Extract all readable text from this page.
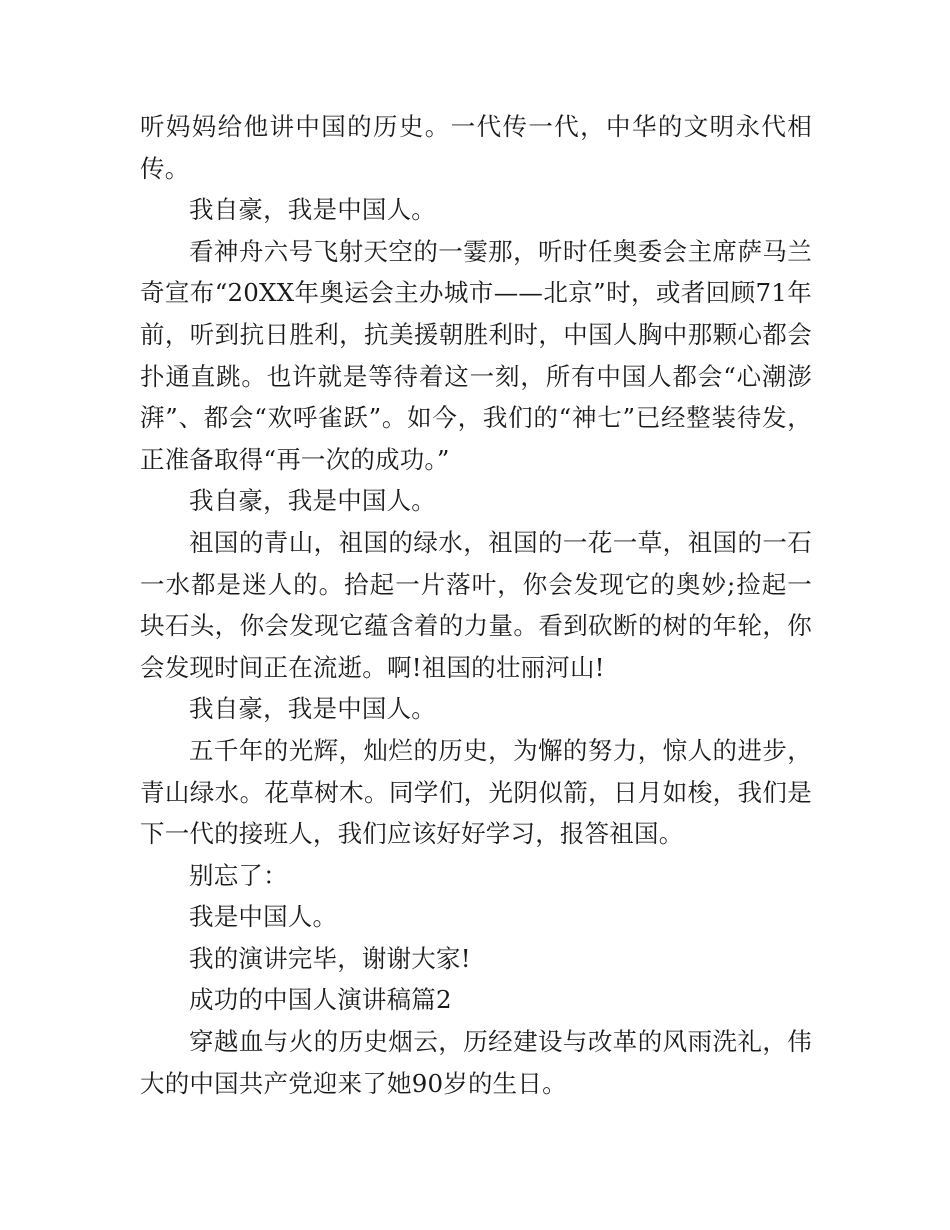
听妈妈给他讲中国的历史。一代传一代，中华的文明永代相传。

我自豪，我是中国人。

看神舟六号飞射天空的一霎那，听时任奥委会主席萨马兰奇宣布“20XX年奥运会主办城市——北京”时，或者回顾71年前，听到抗日胜利，抗美援朝胜利时，中国人胸中那颗心都会扑通直跳。也许就是等待着这一刻，所有中国人都会“心潮澎湃”、都会“欢呼雀跃”。如今，我们的“神七”已经整装待发，正准备取得“再一次的成功。”

我自豪，我是中国人。

祖国的青山，祖国的绿水，祖国的一花一草，祖国的一石一水都是迷人的。拾起一片落叶，你会发现它的奥妙;捡起一块石头，你会发现它蕴含着的力量。看到砍断的树的年轮，你会发现时间正在流逝。啊!祖国的壮丽河山!

我自豪，我是中国人。

五千年的光辉，灿烂的历史，为懈的努力，惊人的进步，青山绿水。花草树木。同学们，光阴似箭，日月如梭，我们是下一代的接班人，我们应该好好学习，报答祖国。

别忘了：

我是中国人。

我的演讲完毕，谢谢大家!

成功的中国人演讲稿篇2

穿越血与火的历史烟云，历经建设与改革的风雨洗礼，伟大的中国共产党迎来了她90岁的生日。
